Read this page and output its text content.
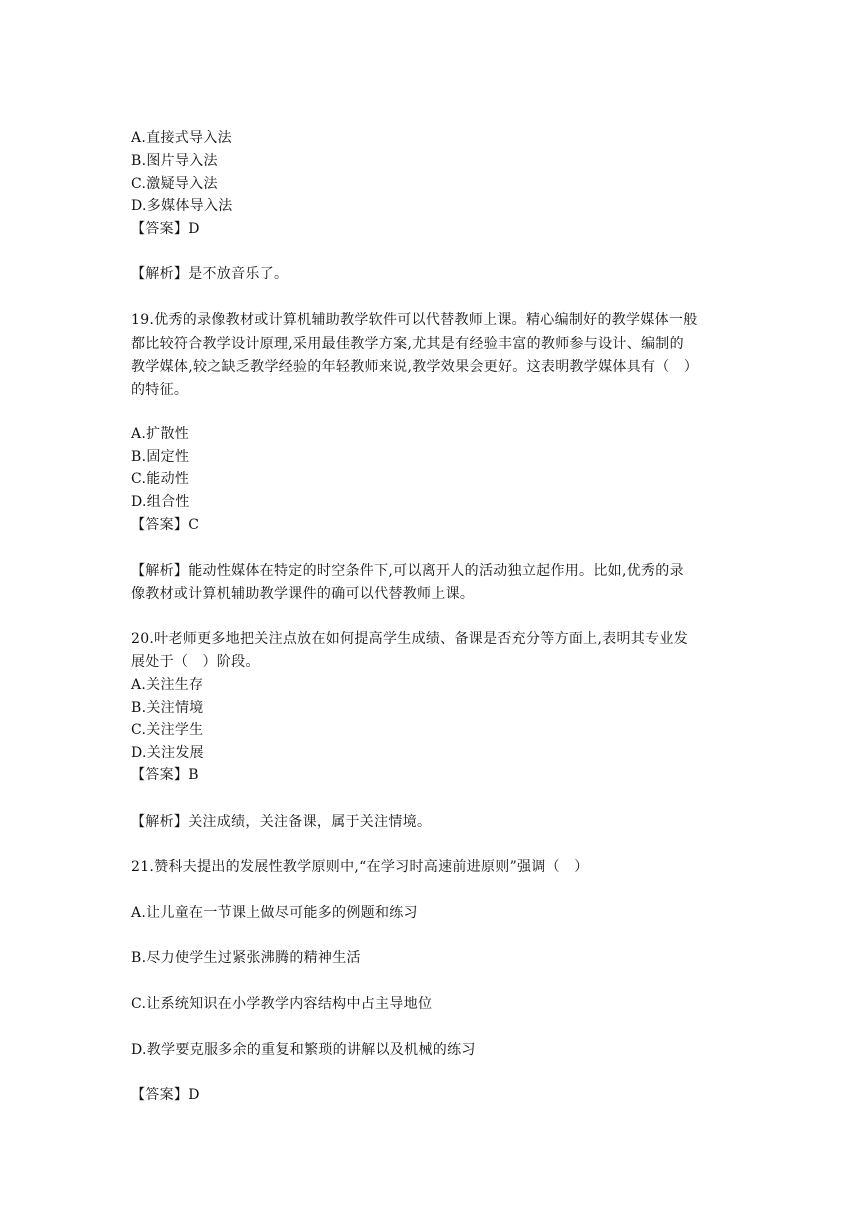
A.直接式导入法
B.图片导入法
C.激疑导入法
D.多媒体导入法
【答案】D
【解析】是不放音乐了。
19.优秀的录像教材或计算机辅助教学软件可以代替教师上课。精心编制好的教学媒体一般
都比较符合教学设计原理,采用最佳教学方案,尤其是有经验丰富的教师参与设计、编制的
教学媒体,较之缺乏教学经验的年轻教师来说,教学效果会更好。这表明教学媒体具有（　）
的特征。
A.扩散性
B.固定性
C.能动性
D.组合性
【答案】C
【解析】能动性媒体在特定的时空条件下,可以离开人的活动独立起作用。比如,优秀的录
像教材或计算机辅助教学课件的确可以代替教师上课。
20.叶老师更多地把关注点放在如何提高学生成绩、备课是否充分等方面上,表明其专业发
展处于（　）阶段。
A.关注生存
B.关注情境
C.关注学生
D.关注发展
【答案】B
【解析】关注成绩，关注备课，属于关注情境。
21.赞科夫提出的发展性教学原则中,“在学习时高速前进原则”强调（　）
A.让儿童在一节课上做尽可能多的例题和练习
B.尽力使学生过紧张沸腾的精神生活
C.让系统知识在小学教学内容结构中占主导地位
D.教学要克服多余的重复和繁琐的讲解以及机械的练习
【答案】D
